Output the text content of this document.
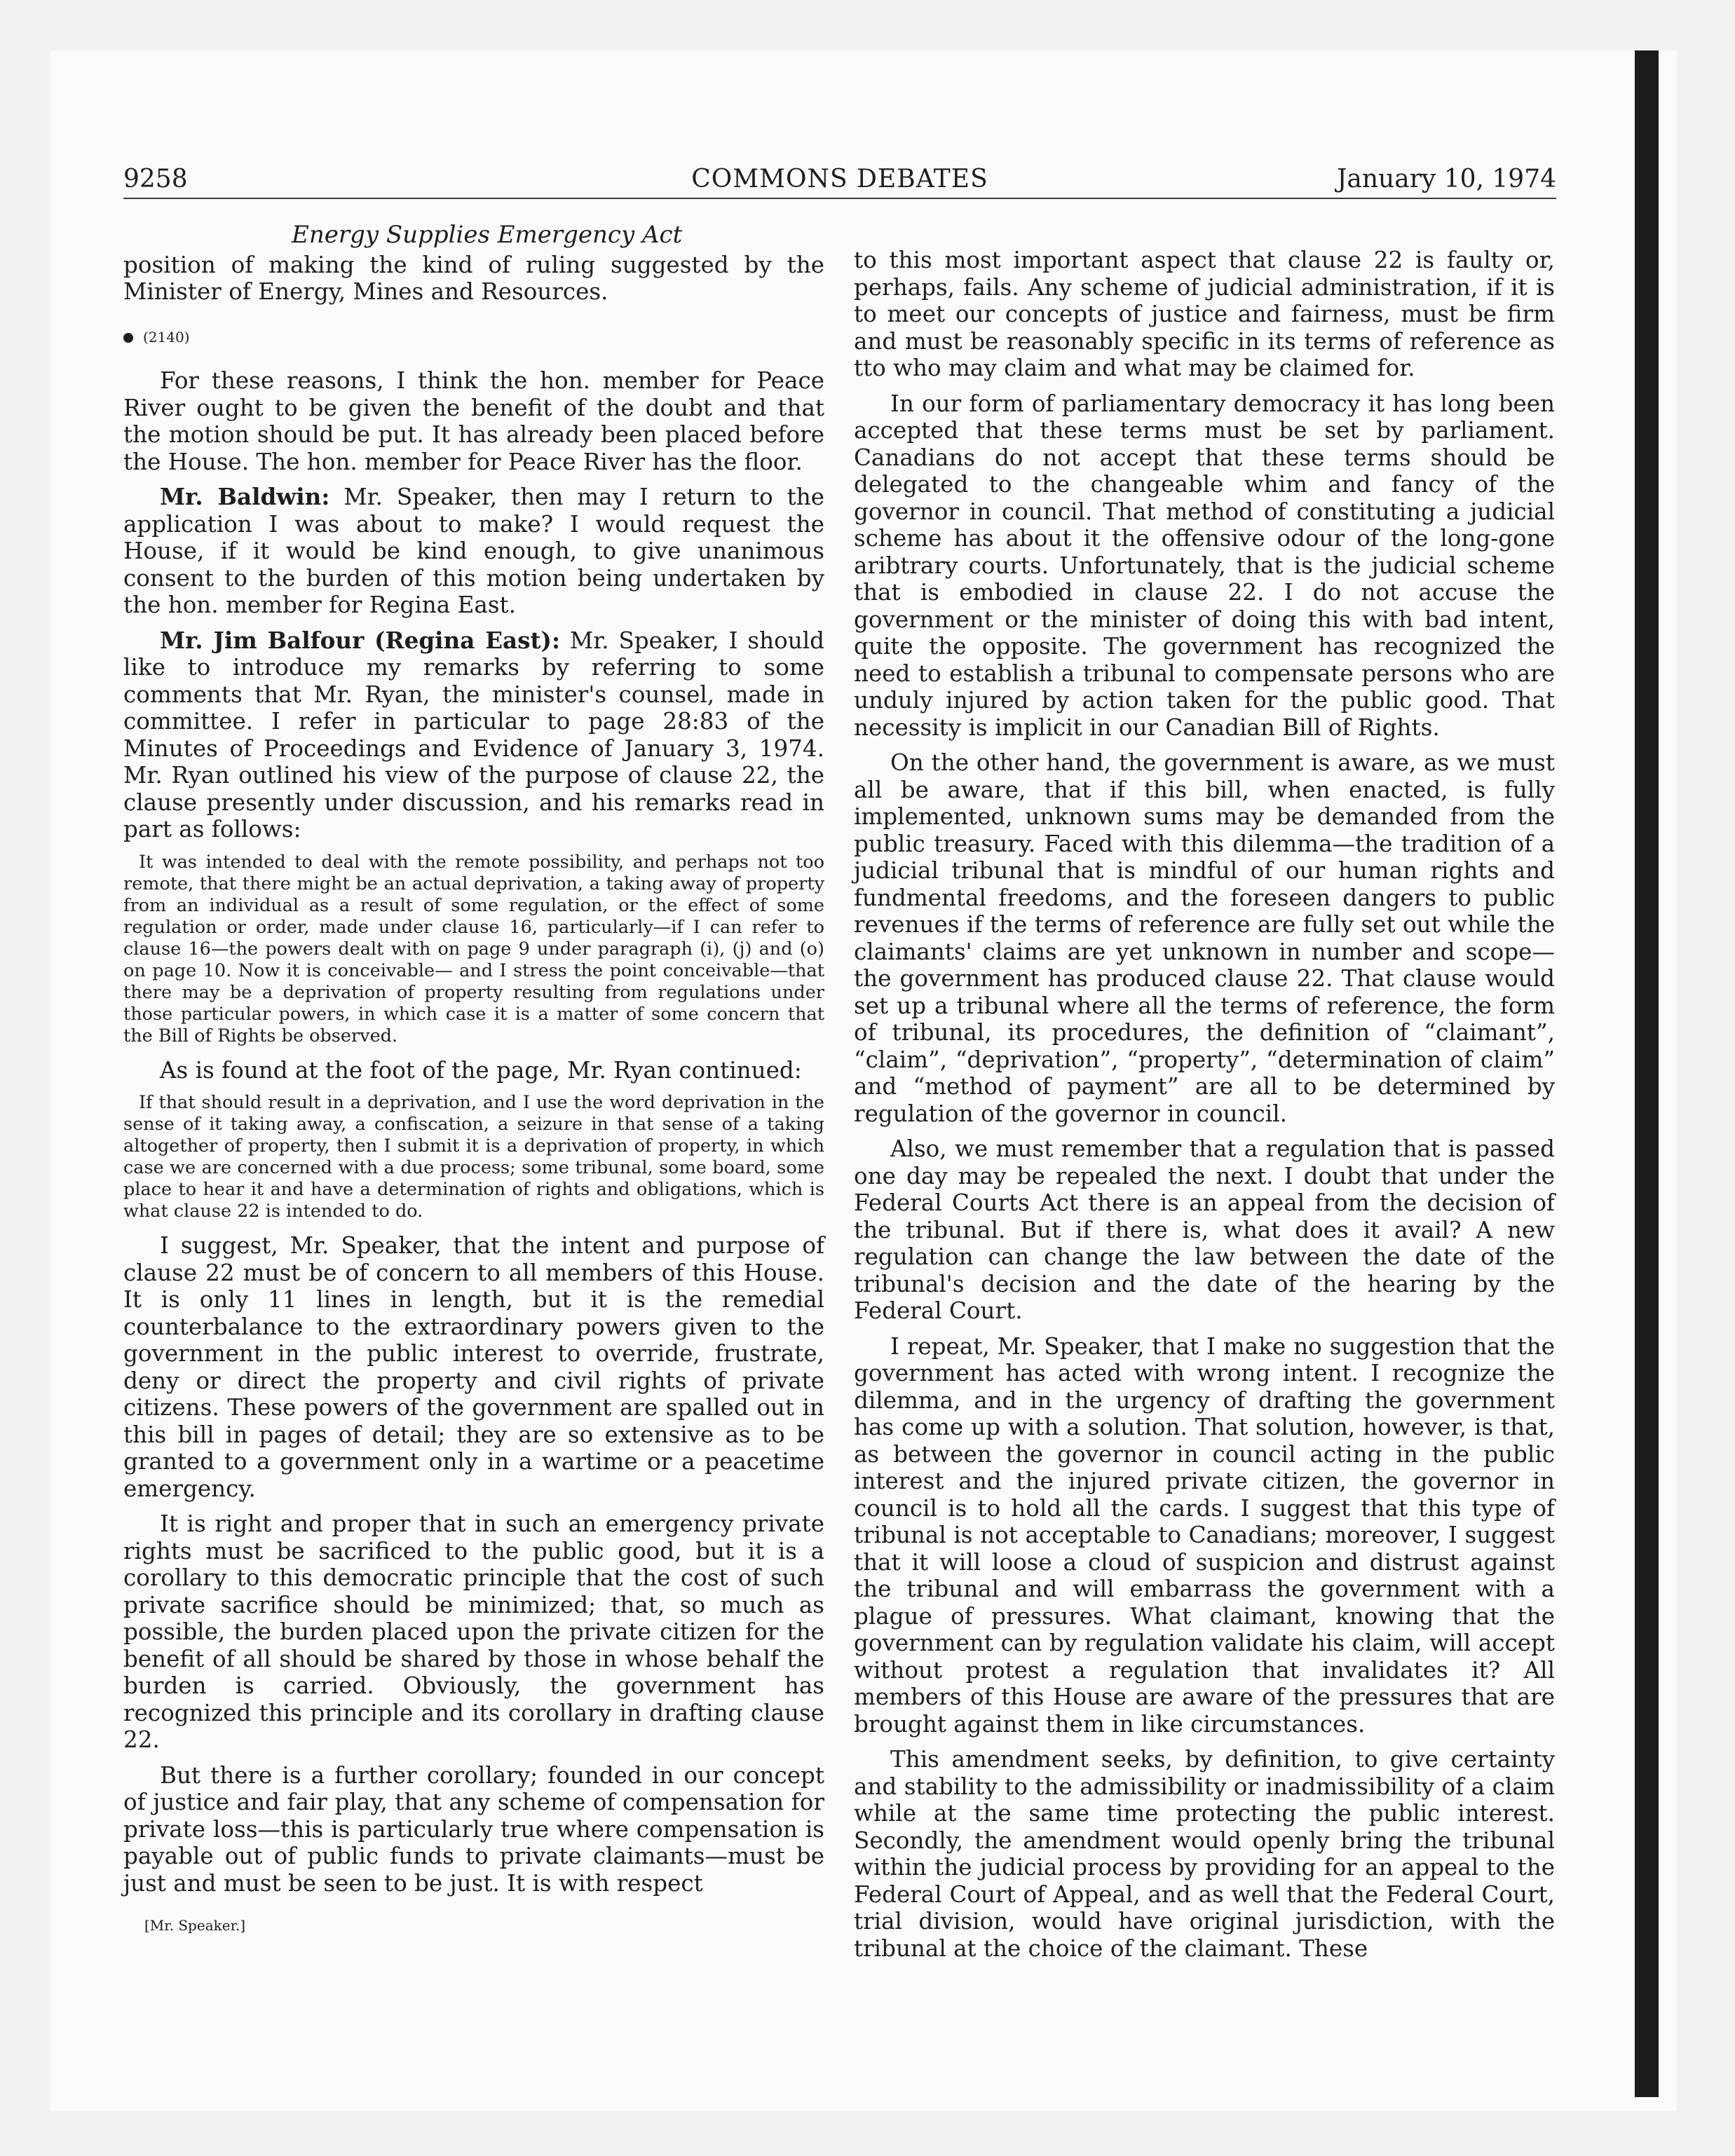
9258	COMMONS DEBATES	January 10, 1974
Energy Supplies Emergency Act

position of making the kind of ruling suggested by the Minister of Energy, Mines and Resources.

(2140)

For these reasons, I think the hon. member for Peace River ought to be given the benefit of the doubt and that the motion should be put. It has already been placed before the House. The hon. member for Peace River has the floor.

Mr. Baldwin: Mr. Speaker, then may I return to the application I was about to make? I would request the House, if it would be kind enough, to give unanimous consent to the burden of this motion being undertaken by the hon. member for Regina East.

Mr. Jim Balfour (Regina East): Mr. Speaker, I should like to introduce my remarks by referring to some comments that Mr. Ryan, the minister's counsel, made in committee. I refer in particular to page 28:83 of the Minutes of Proceedings and Evidence of January 3, 1974. Mr. Ryan outlined his view of the purpose of clause 22, the clause presently under discussion, and his remarks read in part as follows:

It was intended to deal with the remote possibility, and perhaps not too remote, that there might be an actual deprivation, a taking away of property from an individual as a result of some regulation, or the effect of some regulation or order, made under clause 16, particularly—if I can refer to clause 16—the powers dealt with on page 9 under paragraph (i), (j) and (o) on page 10. Now it is conceivable— and I stress the point conceivable—that there may be a deprivation of property resulting from regulations under those particular powers, in which case it is a matter of some concern that the Bill of Rights be observed.

As is found at the foot of the page, Mr. Ryan continued:

If that should result in a deprivation, and I use the word deprivation in the sense of it taking away, a confiscation, a seizure in that sense of a taking altogether of property, then I submit it is a deprivation of property, in which case we are concerned with a due process; some tribunal, some board, some place to hear it and have a determination of rights and obligations, which is what clause 22 is intended to do.

I suggest, Mr. Speaker, that the intent and purpose of clause 22 must be of concern to all members of this House. It is only 11 lines in length, but it is the remedial counterbalance to the extraordinary powers given to the government in the public interest to override, frustrate, deny or direct the property and civil rights of private citizens. These powers of the government are spalled out in this bill in pages of detail; they are so extensive as to be granted to a government only in a wartime or a peacetime emergency.

It is right and proper that in such an emergency private rights must be sacrificed to the public good, but it is a corollary to this democratic principle that the cost of such private sacrifice should be minimized; that, so much as possible, the burden placed upon the private citizen for the benefit of all should be shared by those in whose behalf the burden is carried. Obviously, the government has recognized this principle and its corollary in drafting clause 22.

But there is a further corollary; founded in our concept of justice and fair play, that any scheme of compensation for private loss—this is particularly true where compensation is payable out of public funds to private claimants—must be just and must be seen to be just. It is with respect

[Mr. Speaker.]

to this most important aspect that clause 22 is faulty or, perhaps, fails. Any scheme of judicial administration, if it is to meet our concepts of justice and fairness, must be firm and must be reasonably specific in its terms of reference as tto who may claim and what may be claimed for.

In our form of parliamentary democracy it has long been accepted that these terms must be set by parliament. Canadians do not accept that these terms should be delegated to the changeable whim and fancy of the governor in council. That method of constituting a judicial scheme has about it the offensive odour of the long-gone aribtrary courts. Unfortunately, that is the judicial scheme that is embodied in clause 22. I do not accuse the government or the minister of doing this with bad intent, quite the opposite. The government has recognized the need to establish a tribunal to compensate persons who are unduly injured by action taken for the public good. That necessity is implicit in our Canadian Bill of Rights.

On the other hand, the government is aware, as we must all be aware, that if this bill, when enacted, is fully implemented, unknown sums may be demanded from the public treasury. Faced with this dilemma—the tradition of a judicial tribunal that is mindful of our human rights and fundmental freedoms, and the foreseen dangers to public revenues if the terms of reference are fully set out while the claimants' claims are yet unknown in number and scope—the government has produced clause 22. That clause would set up a tribunal where all the terms of reference, the form of tribunal, its procedures, the definition of “claimant”, “claim”, “deprivation”, “property”, “determination of claim” and “method of payment” are all to be determined by regulation of the governor in council.

Also, we must remember that a regulation that is passed one day may be repealed the next. I doubt that under the Federal Courts Act there is an appeal from the decision of the tribunal. But if there is, what does it avail? A new regulation can change the law between the date of the tribunal's decision and the date of the hearing by the Federal Court.

I repeat, Mr. Speaker, that I make no suggestion that the government has acted with wrong intent. I recognize the dilemma, and in the urgency of drafting the government has come up with a solution. That solution, however, is that, as between the governor in council acting in the public interest and the injured private citizen, the governor in council is to hold all the cards. I suggest that this type of tribunal is not acceptable to Canadians; moreover, I suggest that it will loose a cloud of suspicion and distrust against the tribunal and will embarrass the government with a plague of pressures. What claimant, knowing that the government can by regulation validate his claim, will accept without protest a regulation that invalidates it? All members of this House are aware of the pressures that are brought against them in like circumstances.

This amendment seeks, by definition, to give certainty and stability to the admissibility or inadmissibility of a claim while at the same time protecting the public interest. Secondly, the amendment would openly bring the tribunal within the judicial process by providing for an appeal to the Federal Court of Appeal, and as well that the Federal Court, trial division, would have original jurisdiction, with the tribunal at the choice of the claimant. These
